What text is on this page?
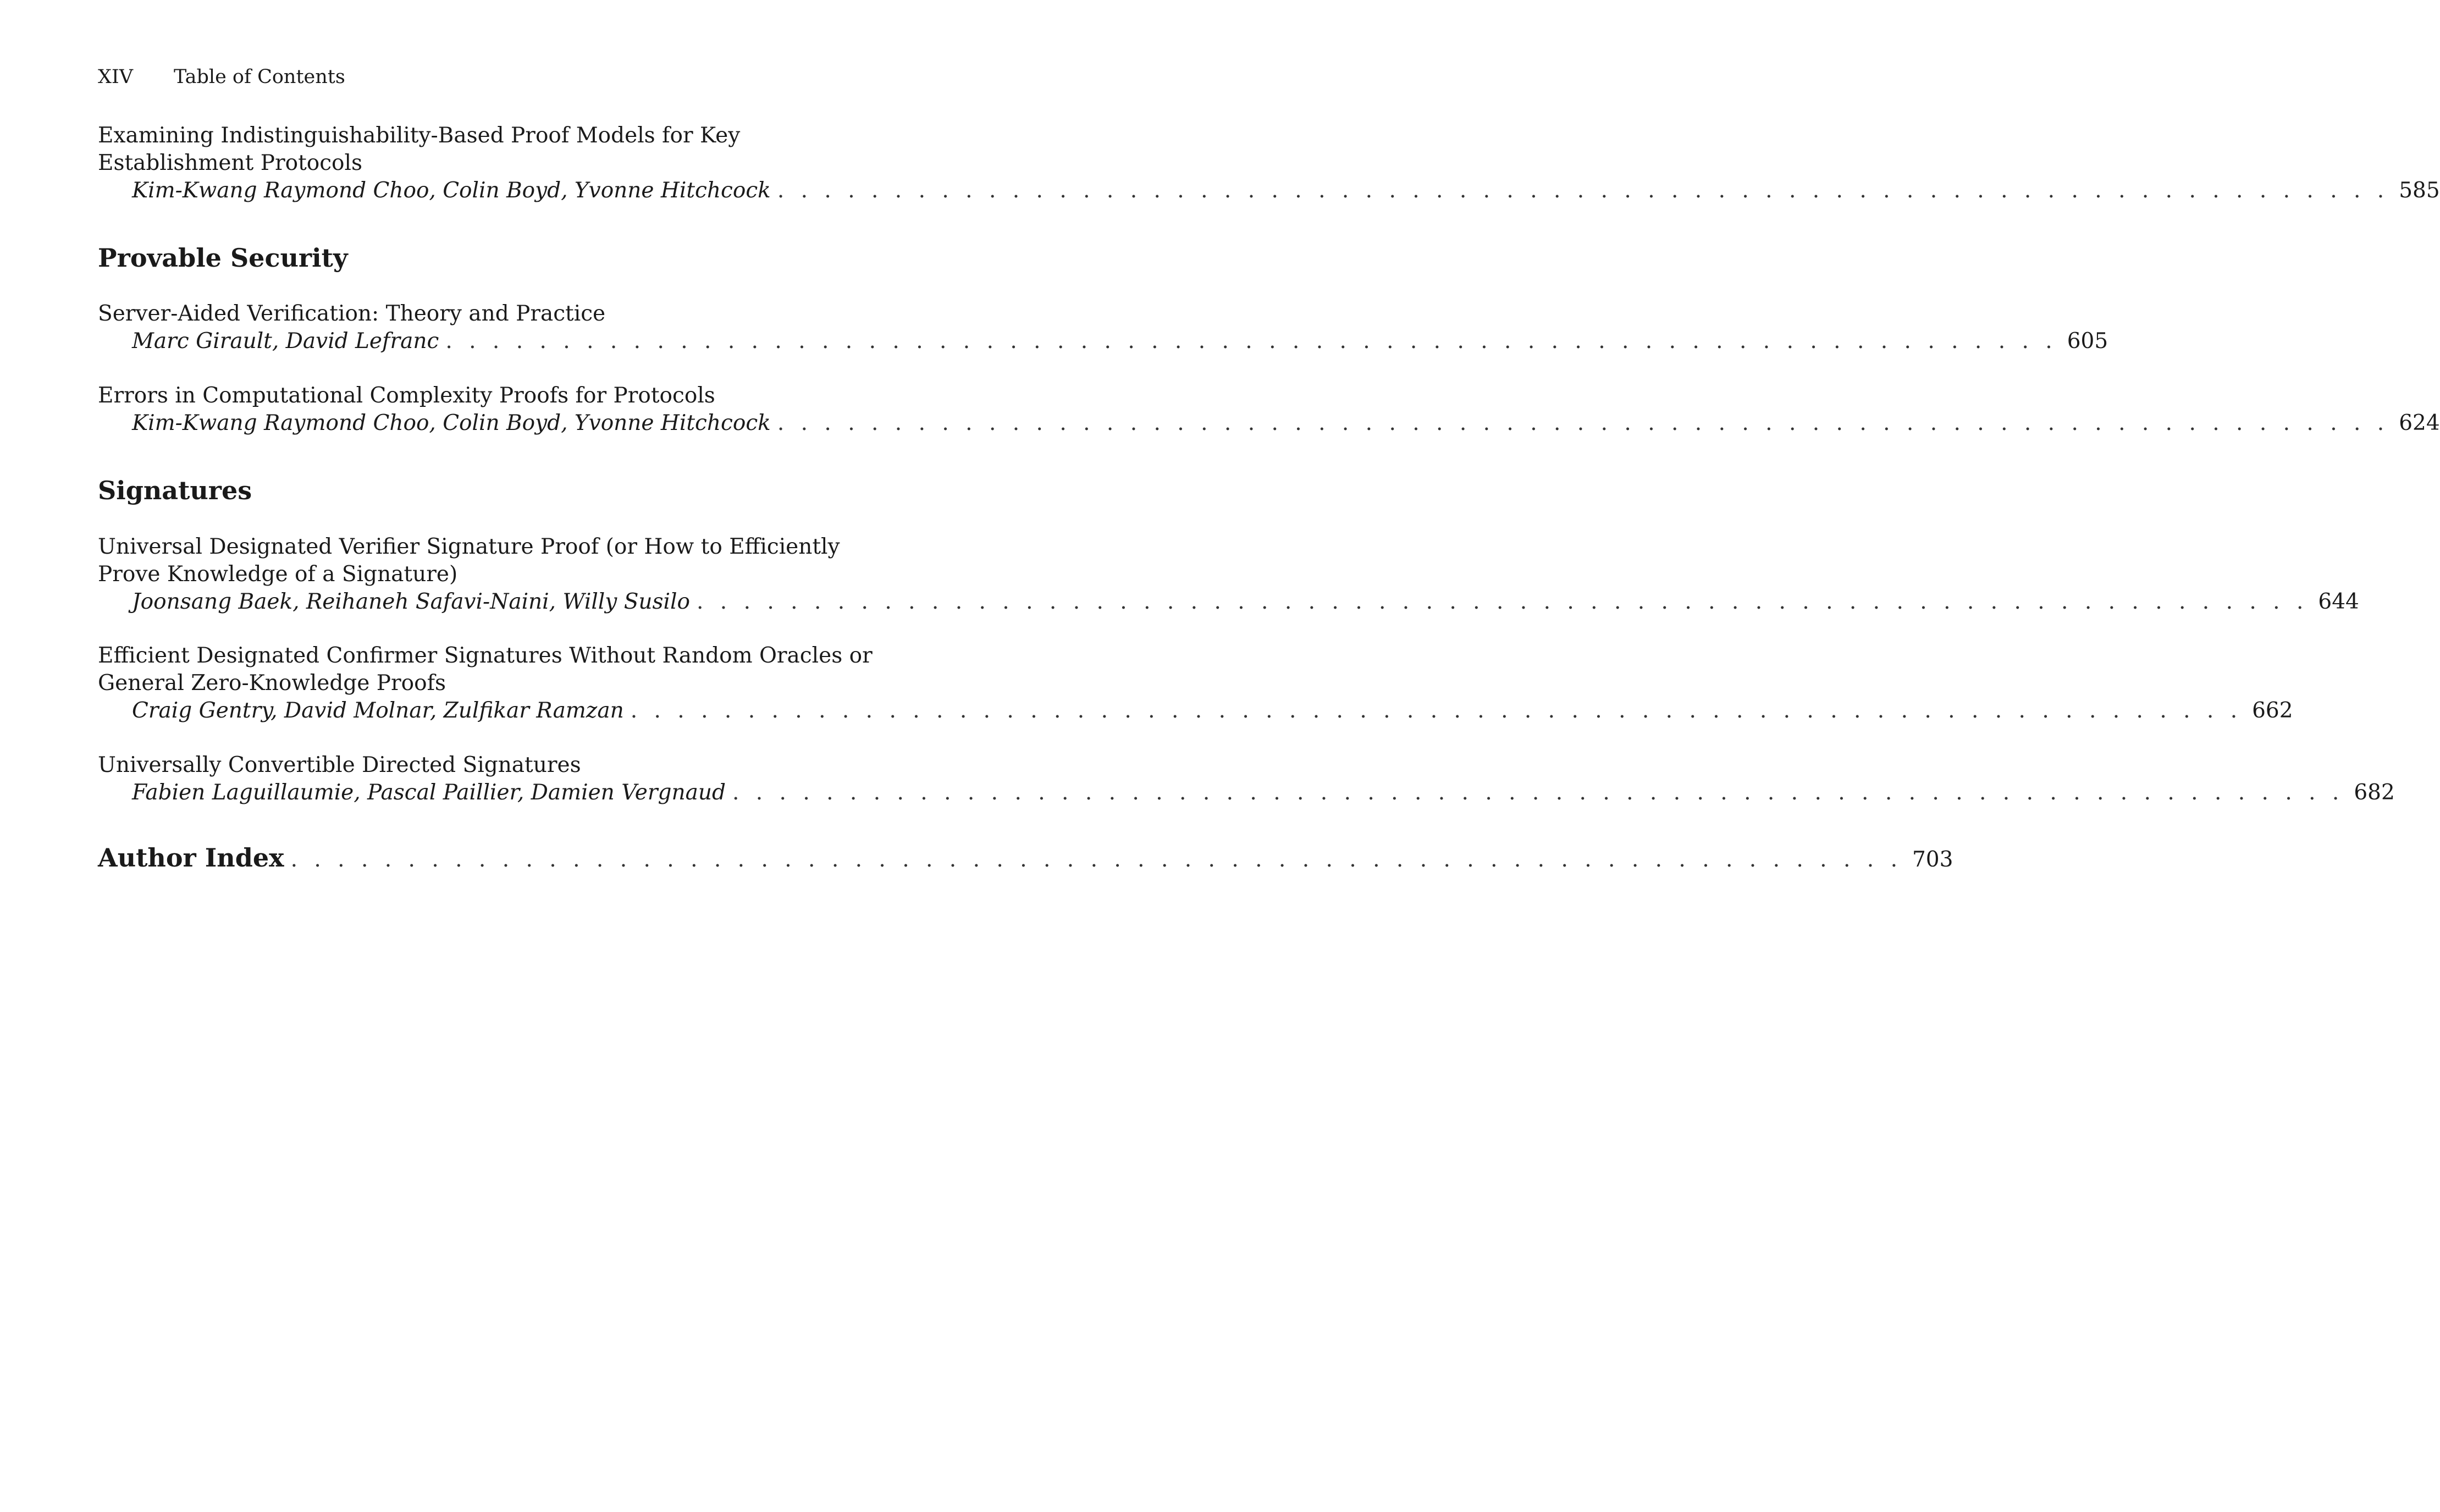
XIV Table of Contents
Examining Indistinguishability-Based Proof Models for Key
Establishment Protocols
Kim-Kwang Raymond Choo, Colin Boyd, Yvonne Hitchcock . . . . . . . . . . . . . . . . . . . . . . . . . . . . . . . . . . . . . . . . . . . . . . . . . . . . . . . . . . . . . . . . . . . . . 585
Provable Security
Server-Aided Verification: Theory and Practice
Marc Girault, David Lefranc . . . . . . . . . . . . . . . . . . . . . . . . . . . . . . . . . . . . . . . . . . . . . . . . . . . . . . . . . . . . . . . . . . . . . 605
Errors in Computational Complexity Proofs for Protocols
Kim-Kwang Raymond Choo, Colin Boyd, Yvonne Hitchcock . . . . . . . . . . . . . . . . . . . . . . . . . . . . . . . . . . . . . . . . . . . . . . . . . . . . . . . . . . . . . . . . . . . . . 624
Signatures
Universal Designated Verifier Signature Proof (or How to Efficiently
Prove Knowledge of a Signature)
Joonsang Baek, Reihaneh Safavi-Naini, Willy Susilo . . . . . . . . . . . . . . . . . . . . . . . . . . . . . . . . . . . . . . . . . . . . . . . . . . . . . . . . . . . . . . . . . . . . . 644
Efficient Designated Confirmer Signatures Without Random Oracles or
General Zero-Knowledge Proofs
Craig Gentry, David Molnar, Zulfikar Ramzan . . . . . . . . . . . . . . . . . . . . . . . . . . . . . . . . . . . . . . . . . . . . . . . . . . . . . . . . . . . . . . . . . . . . . 662
Universally Convertible Directed Signatures
Fabien Laguillaumie, Pascal Paillier, Damien Vergnaud . . . . . . . . . . . . . . . . . . . . . . . . . . . . . . . . . . . . . . . . . . . . . . . . . . . . . . . . . . . . . . . . . . . . . 682
Author Index . . . . . . . . . . . . . . . . . . . . . . . . . . . . . . . . . . . . . . . . . . . . . . . . . . . . . . . . . . . . . . . . . . . . . 703
